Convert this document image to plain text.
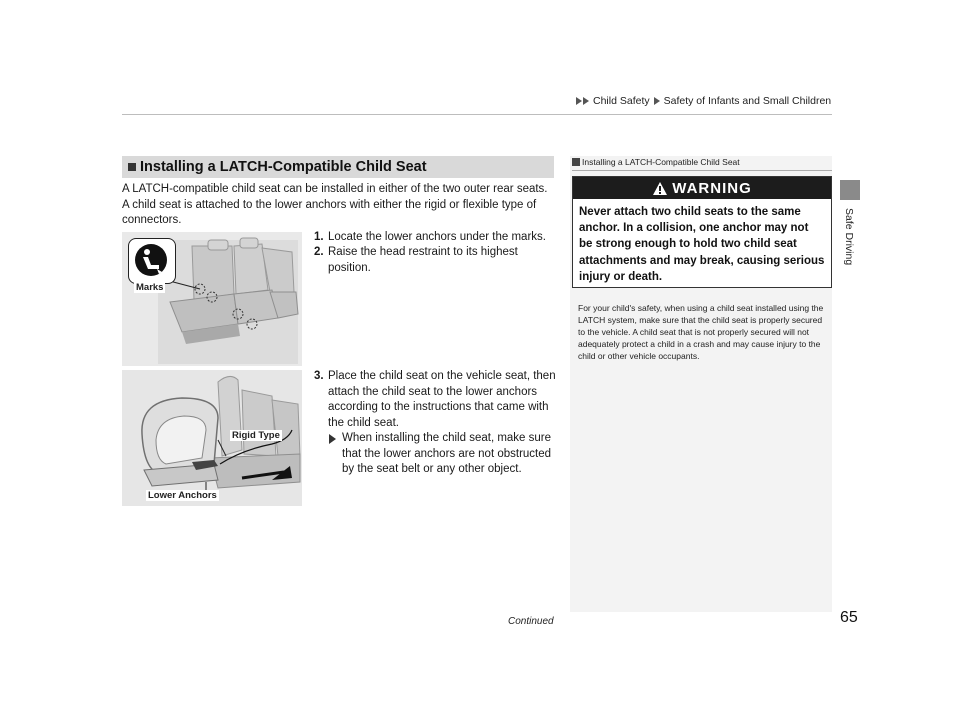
Child Safety Safety of Infants and Small Children
Safe Driving
Installing a LATCH-Compatible Child Seat
A LATCH-compatible child seat can be installed in either of the two outer rear seats. A child seat is attached to the lower anchors with either the rigid or flexible type of connectors.
Marks
Rigid Type
Lower Anchors
1. Locate the lower anchors under the marks.
2. Raise the head restraint to its highest position.
3. Place the child seat on the vehicle seat, then attach the child seat to the lower anchors according to the instructions that came with the child seat.
When installing the child seat, make sure that the lower anchors are not obstructed by the seat belt or any other object.
Installing a LATCH-Compatible Child Seat
WARNING
Never attach two child seats to the same anchor. In a collision, one anchor may not be strong enough to hold two child seat attachments and may break, causing serious injury or death.
For your child's safety, when using a child seat installed using the LATCH system, make sure that the child seat is properly secured to the vehicle. A child seat that is not properly secured will not adequately protect a child in a crash and may cause injury to the child or other vehicle occupants.
Continued	65
